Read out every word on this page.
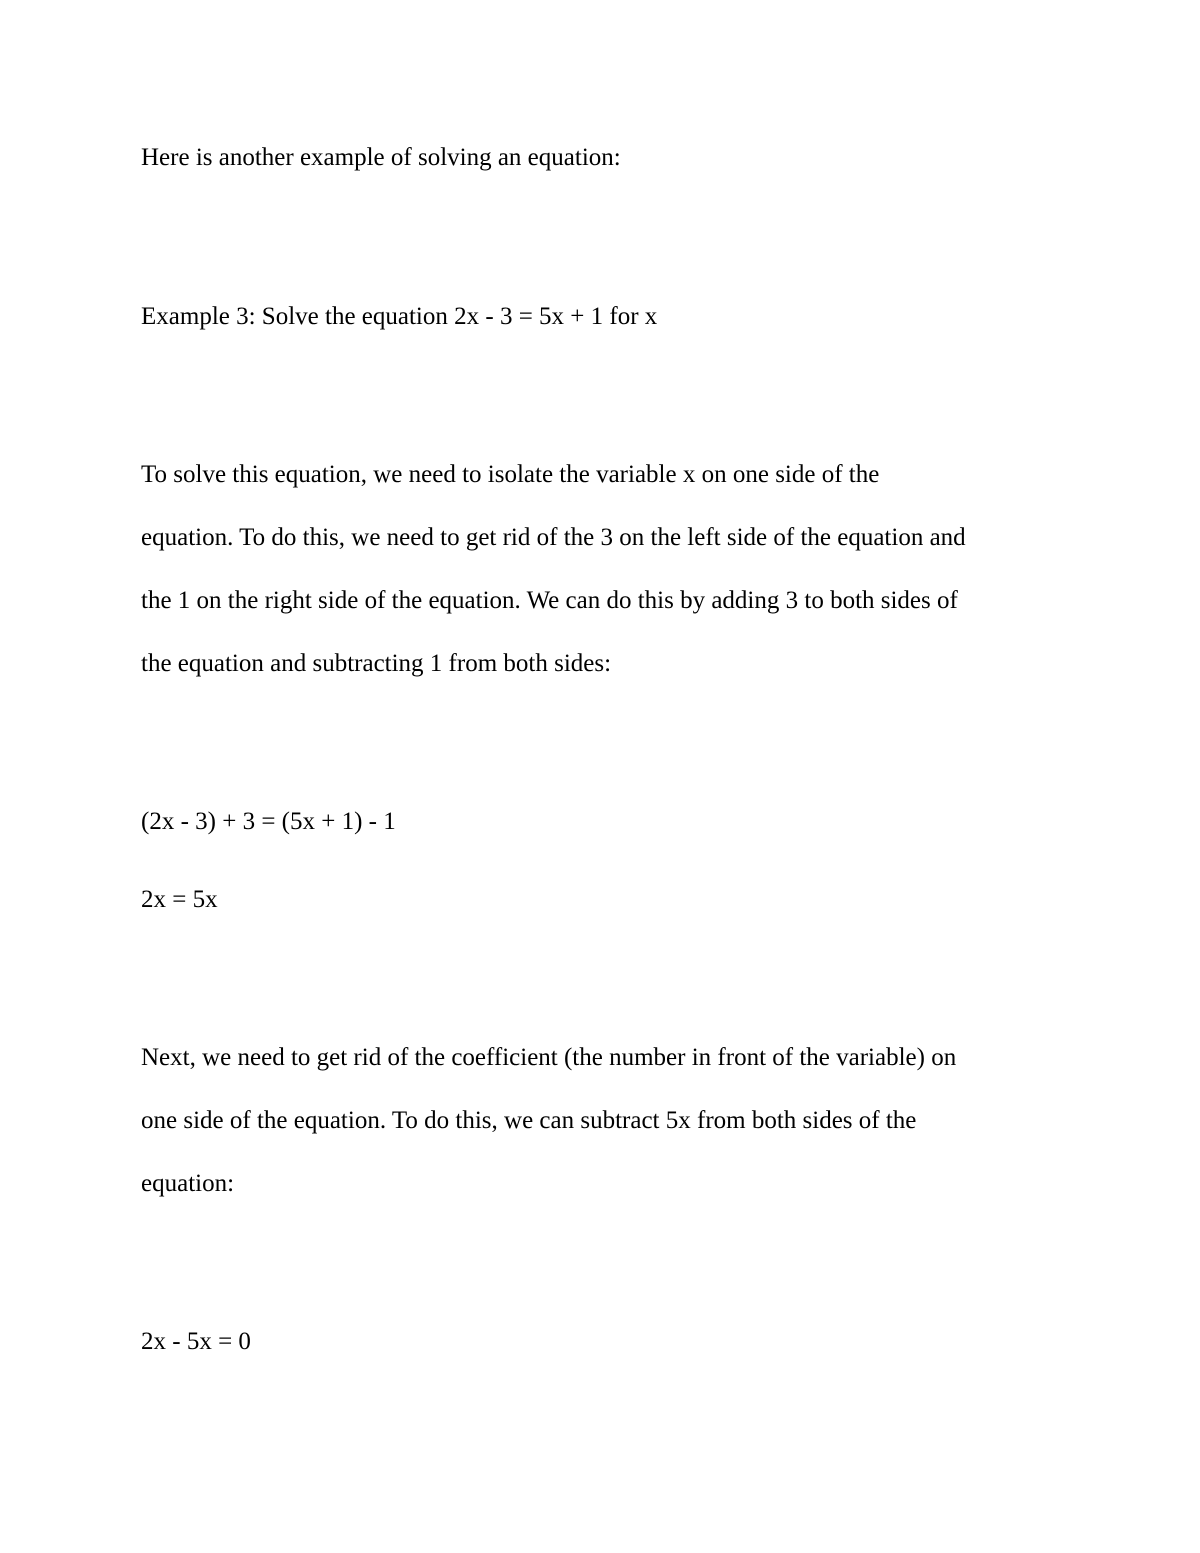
Here is another example of solving an equation:
Example 3: Solve the equation 2x - 3 = 5x + 1 for x
To solve this equation, we need to isolate the variable x on one side of the
equation. To do this, we need to get rid of the 3 on the left side of the equation and
the 1 on the right side of the equation. We can do this by adding 3 to both sides of
the equation and subtracting 1 from both sides:
(2x - 3) + 3 = (5x + 1) - 1
2x = 5x
Next, we need to get rid of the coefficient (the number in front of the variable) on
one side of the equation. To do this, we can subtract 5x from both sides of the
equation:
2x - 5x = 0
